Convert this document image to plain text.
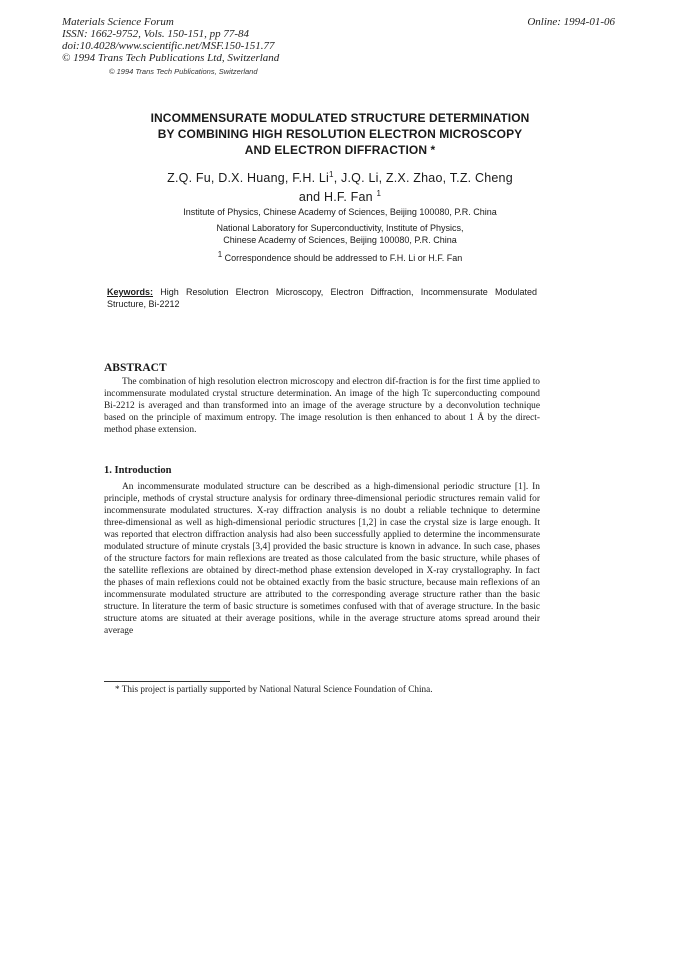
Materials Science Forum
ISSN: 1662-9752, Vols. 150-151, pp 77-84
doi:10.4028/www.scientific.net/MSF.150-151.77
© 1994 Trans Tech Publications Ltd, Switzerland
Online: 1994-01-06
© 1994 Trans Tech Publications, Switzerland
INCOMMENSURATE MODULATED STRUCTURE DETERMINATION
BY COMBINING HIGH RESOLUTION ELECTRON MICROSCOPY
AND ELECTRON DIFFRACTION *
Z.Q. Fu, D.X. Huang, F.H. Li$^1$, J.Q. Li, Z.X. Zhao, T.Z. Cheng
and H.F. Fan $^1$
Institute of Physics, Chinese Academy of Sciences, Beijing 100080, P.R. China
National Laboratory for Superconductivity, Institute of Physics,
Chinese Academy of Sciences, Beijing 100080, P.R. China
$^1$ Correspondence should be addressed to F.H. Li or H.F. Fan
Keywords: High Resolution Electron Microscopy, Electron Diffraction, Incommensurate Modulated Structure, Bi-2212
ABSTRACT
The combination of high resolution electron microscopy and electron dif-fraction is for the first time applied to incommensurate modulated crystal structure determination. An image of the high Tc superconducting compound Bi-2212 is averaged and than transformed into an image of the average structure by a deconvolution technique based on the principle of maximum entropy. The image resolution is then enhanced to about 1 Å by the direct-method phase extension.
1. Introduction
An incommensurate modulated structure can be described as a high-dimensional periodic structure [1]. In principle, methods of crystal structure analysis for ordinary three-dimensional periodic structures remain valid for incommensurate modulated structures. X-ray diffraction analysis is no doubt a reliable technique to determine three-dimensional as well as high-dimensional periodic structures [1,2] in case the crystal size is large enough. It was reported that electron diffraction analysis had also been successfully applied to determine the incommensurate modulated structure of minute crystals [3,4] provided the basic structure is known in advance. In such case, phases of the structure factors for main reflexions are treated as those calculated from the basic structure, while phases of the satellite reflexions are obtained by direct-method phase extension developed in X-ray crystallography. In fact the phases of main reflexions could not be obtained exactly from the basic structure, because main reflexions of an incommensurate modulated structure are attributed to the corresponding average structure rather than the basic structure. In literature the term of basic structure is sometimes confused with that of average structure. In the basic structure atoms are situated at their average positions, while in the average structure atoms spread around their average
* This project is partially supported by National Natural Science Foundation of China.
